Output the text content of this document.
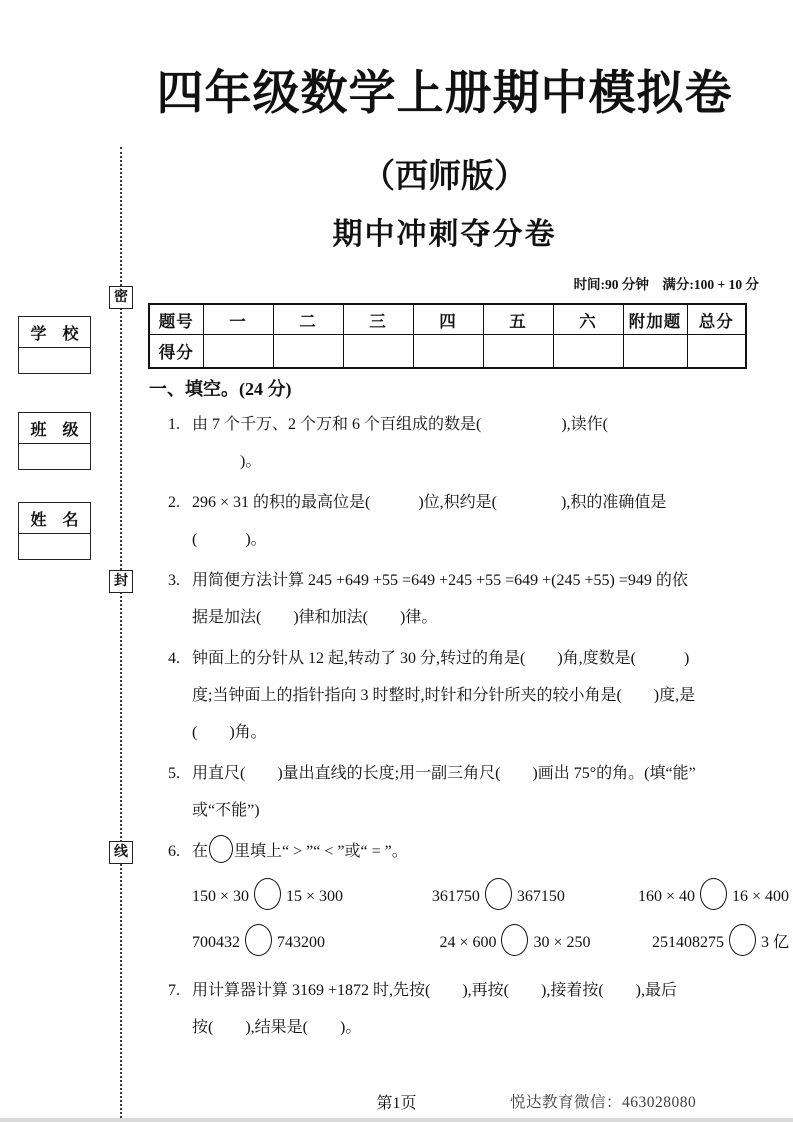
密
封
线
学　校
班　级
姓　名
四年级数学上册期中模拟卷
（西师版）
期中冲刺夺分卷
时间:90 分钟　满分:100 + 10 分
题号	一	二	三	四	五	六	附加题	总分
得分								
一、填空。(24 分)
1. 由 7 个千万、2 个万和 6 个百组成的数是(　　　　　),读作(
　　　)。
2. 296 × 31 的积的最高位是(　　　)位,积约是(　　　　),积的准确值是
(　　　)。
3. 用简便方法计算 245 +649 +55 =649 +245 +55 =649 +(245 +55) =949 的依
据是加法(　　)律和加法(　　)律。
4. 钟面上的分针从 12 起,转动了 30 分,转过的角是(　　)角,度数是(　　　)
度;当钟面上的指针指向 3 时整时,时针和分针所夹的较小角是(　　)度,是
(　　)角。
5. 用直尺(　　)量出直线的长度;用一副三角尺(　　)画出 75°的角。(填“能”
或“不能”)
6. 在 里填上“ > ”“ < ”或“ = ”。
150 × 30 15 × 300	361750 367150	160 × 40 16 × 400
700432 743200	24 × 600 30 × 250	251408275 3 亿
7. 用计算器计算 3169 +1872 时,先按(　　),再按(　　),接着按(　　),最后
按(　　),结果是(　　)。
第1页	悦达教育微信：463028080
